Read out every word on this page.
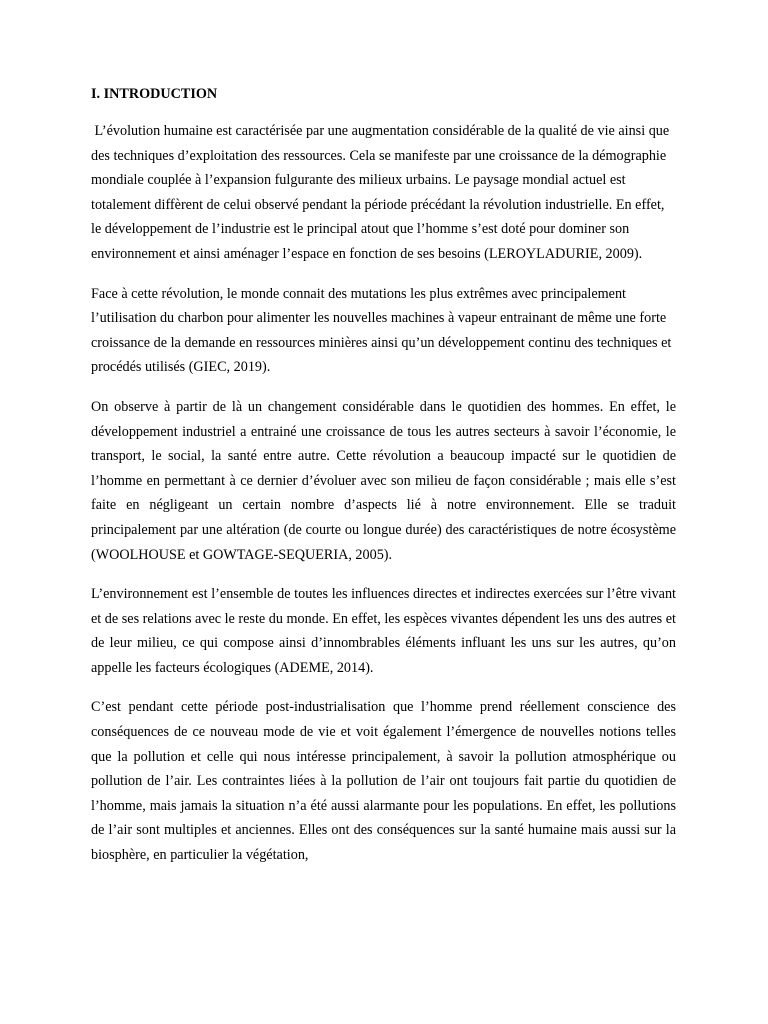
I. INTRODUCTION

L’évolution humaine est caractérisée par une augmentation considérable de la qualité de vie ainsi que des techniques d’exploitation des ressources. Cela se manifeste par une croissance de la démographie mondiale couplée à l’expansion fulgurante des milieux urbains. Le paysage mondial actuel est totalement diffèrent de celui observé pendant la période précédant la révolution industrielle. En effet, le développement de l’industrie est le principal atout que l’homme s’est doté pour dominer son environnement et ainsi aménager l’espace en fonction de ses besoins (LEROYLADURIE, 2009).

Face à cette révolution, le monde connait des mutations les plus extrêmes avec principalement l’utilisation du charbon pour alimenter les nouvelles machines à vapeur entrainant de même une forte croissance de la demande en ressources minières ainsi qu’un développement continu des techniques et procédés utilisés (GIEC, 2019).

On observe à partir de là un changement considérable dans le quotidien des hommes. En effet, le développement industriel a entrainé une croissance de tous les autres secteurs à savoir l’économie, le transport, le social, la santé entre autre. Cette révolution a beaucoup impacté sur le quotidien de l’homme en permettant à ce dernier d’évoluer avec son milieu de façon considérable ; mais elle s’est faite en négligeant un certain nombre d’aspects lié à notre environnement. Elle se traduit principalement par une altération (de courte ou longue durée) des caractéristiques de notre écosystème (WOOLHOUSE et GOWTAGE-SEQUERIA, 2005).

L’environnement est l’ensemble de toutes les influences directes et indirectes exercées sur l’être vivant et de ses relations avec le reste du monde. En effet, les espèces vivantes dépendent les uns des autres et de leur milieu, ce qui compose ainsi d’innombrables éléments influant les uns sur les autres, qu’on appelle les facteurs écologiques (ADEME, 2014).

C’est pendant cette période post-industrialisation que l’homme prend réellement conscience des conséquences de ce nouveau mode de vie et voit également l’émergence de nouvelles notions telles que la pollution et celle qui nous intéresse principalement, à savoir la pollution atmosphérique ou pollution de l’air. Les contraintes liées à la pollution de l’air ont toujours fait partie du quotidien de l’homme, mais jamais la situation n’a été aussi alarmante pour les populations. En effet, les pollutions de l’air sont multiples et anciennes. Elles ont des conséquences sur la santé humaine mais aussi sur la biosphère, en particulier la végétation,
